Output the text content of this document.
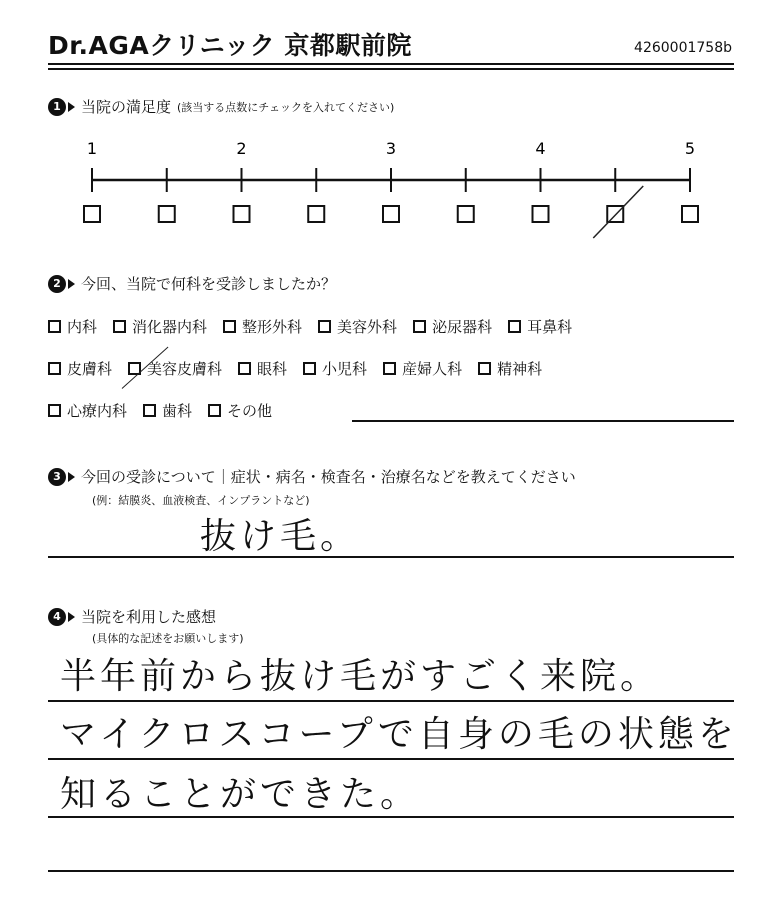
Dr.AGAクリニック 京都駅前院	4260001758b
1	当院の満足度 (該当する点数にチェックを入れてください)
1	2	3	4	5
2	今回、当院で何科を受診しましたか？
内科 消化器内科 整形外科 美容外科 泌尿器科 耳鼻科
皮膚科 美容皮膚科 眼科 小児科 産婦人科 精神科
心療内科 歯科 その他
3	今回の受診について｜症状・病名・検査名・治療名などを教えてください
(例：結膜炎、血液検査、インプラントなど)
抜け毛。
4	当院を利用した感想
(具体的な記述をお願いします)
半年前から抜け毛がすごく来院。
マイクロスコープで自身の毛の状態を
知ることができた。
